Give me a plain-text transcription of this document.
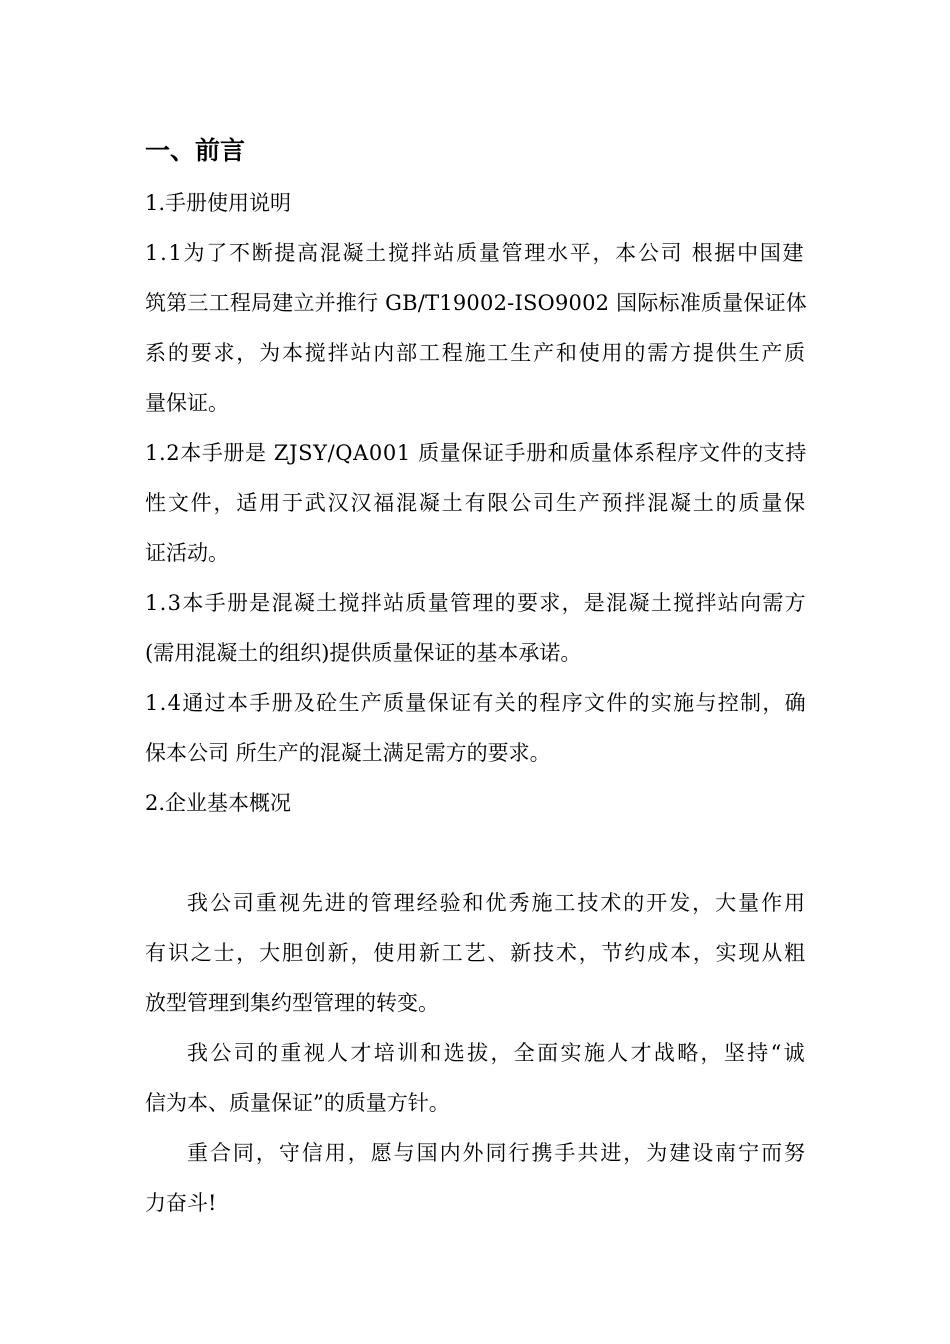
一、前言
1.手册使用说明
1.1为了不断提高混凝土搅拌站质量管理水平，本公司 根据中国建
筑第三工程局建立并推行 GB/T19002-ISO9002 国际标准质量保证体
系的要求，为本搅拌站内部工程施工生产和使用的需方提供生产质
量保证。
1.2本手册是 ZJSY/QA001 质量保证手册和质量体系程序文件的支持
性文件，适用于武汉汉福混凝土有限公司生产预拌混凝土的质量保
证活动。
1.3本手册是混凝土搅拌站质量管理的要求，是混凝土搅拌站向需方
(需用混凝土的组织)提供质量保证的基本承诺。
1.4通过本手册及砼生产质量保证有关的程序文件的实施与控制，确
保本公司 所生产的混凝土满足需方的要求。
2.企业基本概况
我公司重视先进的管理经验和优秀施工技术的开发，大量作用
有识之士，大胆创新，使用新工艺、新技术，节约成本，实现从粗
放型管理到集约型管理的转变。
我公司的重视人才培训和选拔，全面实施人才战略，坚持“诚
信为本、质量保证”的质量方针。
重合同，守信用，愿与国内外同行携手共进，为建设南宁而努
力奋斗!
